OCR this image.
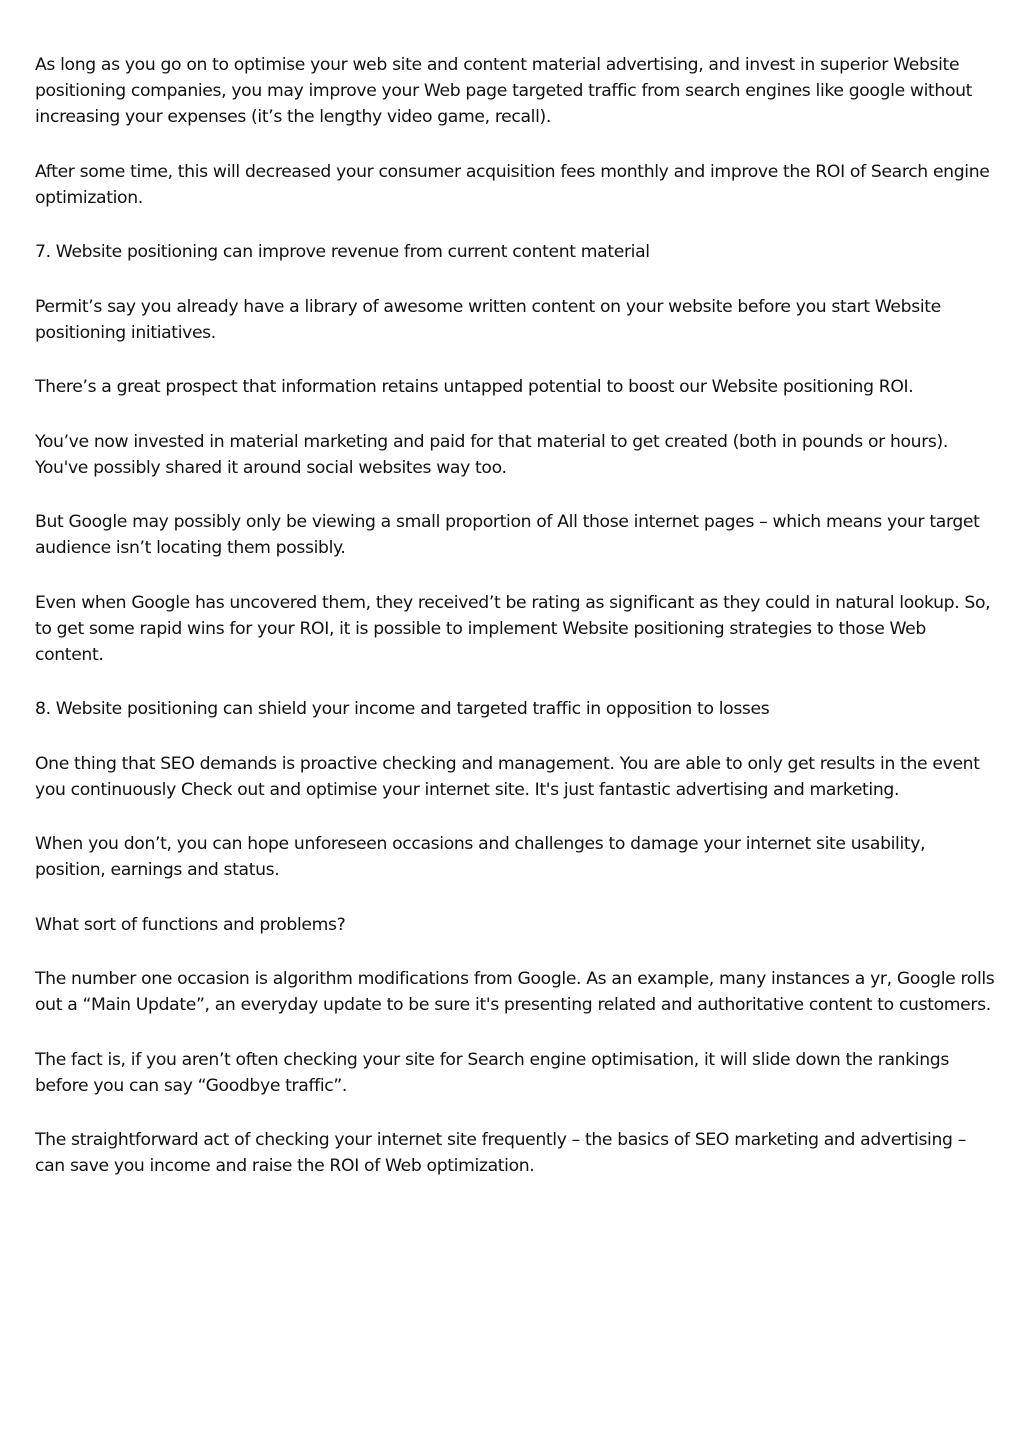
As long as you go on to optimise your web site and content material advertising, and invest in superior Website positioning companies, you may improve your Web page targeted traffic from search engines like google without increasing your expenses (it’s the lengthy video game, recall).

After some time, this will decreased your consumer acquisition fees monthly and improve the ROI of Search engine optimization.

7. Website positioning can improve revenue from current content material

Permit’s say you already have a library of awesome written content on your website before you start Website positioning initiatives.

There’s a great prospect that information retains untapped potential to boost our Website positioning ROI.

You’ve now invested in material marketing and paid for that material to get created (both in pounds or hours). You've possibly shared it around social websites way too.

But Google may possibly only be viewing a small proportion of All those internet pages – which means your target audience isn’t locating them possibly.

Even when Google has uncovered them, they received’t be rating as significant as they could in natural lookup. So, to get some rapid wins for your ROI, it is possible to implement Website positioning strategies to those Web content.

8. Website positioning can shield your income and targeted traffic in opposition to losses

One thing that SEO demands is proactive checking and management. You are able to only get results in the event you continuously Check out and optimise your internet site. It's just fantastic advertising and marketing.

When you don’t, you can hope unforeseen occasions and challenges to damage your internet site usability, position, earnings and status.

What sort of functions and problems?

The number one occasion is algorithm modifications from Google. As an example, many instances a yr, Google rolls out a “Main Update”, an everyday update to be sure it's presenting related and authoritative content to customers.

The fact is, if you aren’t often checking your site for Search engine optimisation, it will slide down the rankings before you can say “Goodbye traffic”.

The straightforward act of checking your internet site frequently – the basics of SEO marketing and advertising – can save you income and raise the ROI of Web optimization.
